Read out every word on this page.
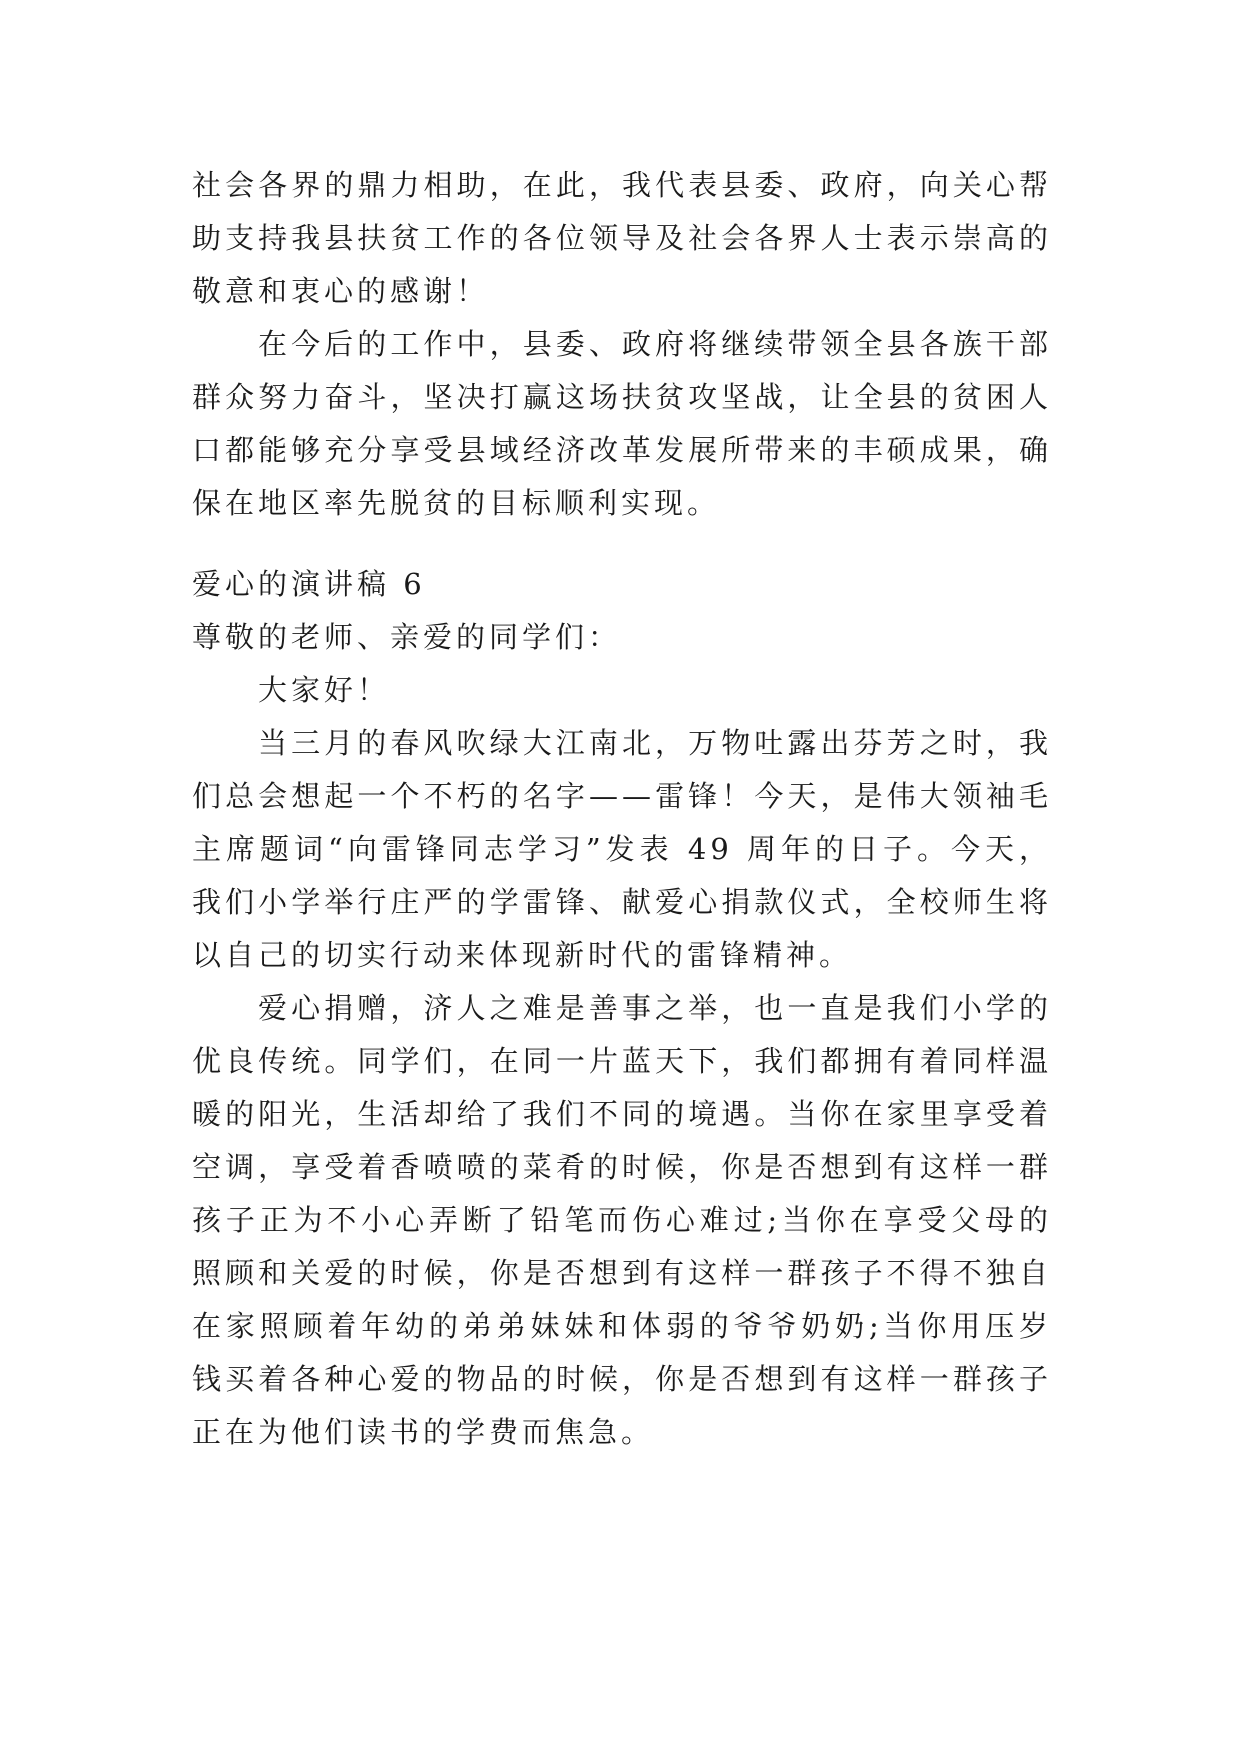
社会各界的鼎力相助，在此，我代表县委、政府，向关心帮助支持我县扶贫工作的各位领导及社会各界人士表示崇高的敬意和衷心的感谢！

在今后的工作中，县委、政府将继续带领全县各族干部群众努力奋斗，坚决打赢这场扶贫攻坚战，让全县的贫困人口都能够充分享受县域经济改革发展所带来的丰硕成果，确保在地区率先脱贫的目标顺利实现。

爱心的演讲稿 6

尊敬的老师、亲爱的同学们：

大家好！

当三月的春风吹绿大江南北，万物吐露出芬芳之时，我们总会想起一个不朽的名字——雷锋！今天，是伟大领袖毛主席题词“向雷锋同志学习”发表 49 周年的日子。今天，我们小学举行庄严的学雷锋、献爱心捐款仪式，全校师生将以自己的切实行动来体现新时代的雷锋精神。

爱心捐赠，济人之难是善事之举，也一直是我们小学的优良传统。同学们，在同一片蓝天下，我们都拥有着同样温暖的阳光，生活却给了我们不同的境遇。当你在家里享受着空调，享受着香喷喷的菜肴的时候，你是否想到有这样一群孩子正为不小心弄断了铅笔而伤心难过;当你在享受父母的照顾和关爱的时候，你是否想到有这样一群孩子不得不独自在家照顾着年幼的弟弟妹妹和体弱的爷爷奶奶;当你用压岁钱买着各种心爱的物品的时候，你是否想到有这样一群孩子正在为他们读书的学费而焦急。
